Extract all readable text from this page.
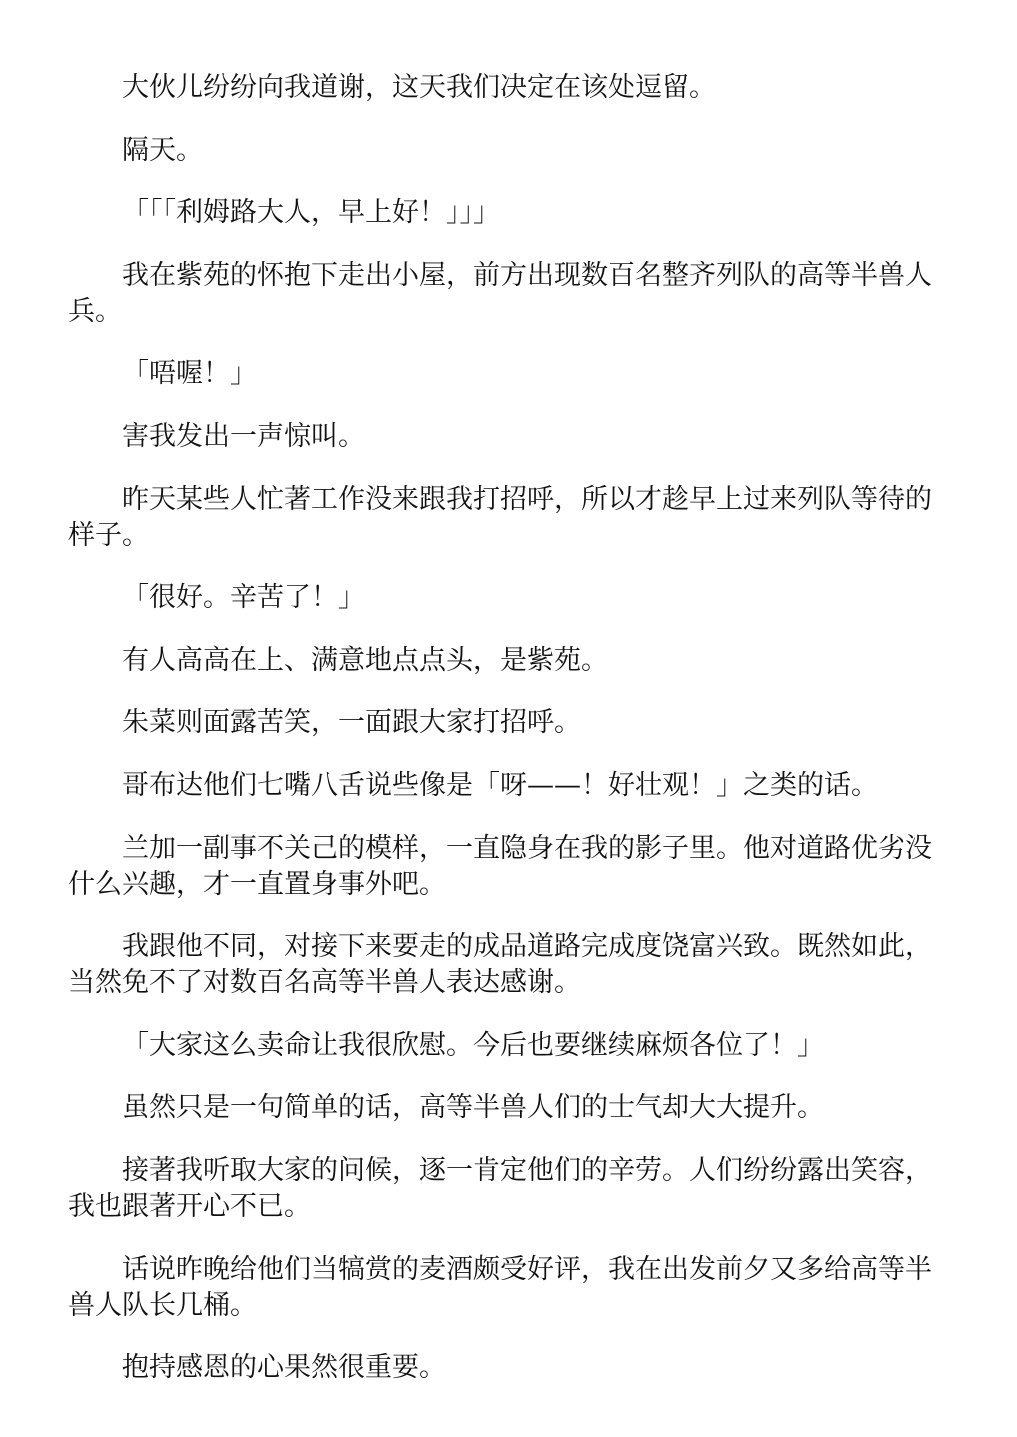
大伙儿纷纷向我道谢，这天我们决定在该处逗留。

隔天。

「「「利姆路大人，早上好！」」」

我在紫苑的怀抱下走出小屋，前方出现数百名整齐列队的高等半兽人兵。

「唔喔！」

害我发出一声惊叫。

昨天某些人忙著工作没来跟我打招呼，所以才趁早上过来列队等待的样子。

「很好。辛苦了！」

有人高高在上、满意地点点头，是紫苑。

朱菜则面露苦笑，一面跟大家打招呼。

哥布达他们七嘴八舌说些像是「呀——！好壮观！」之类的话。

兰加一副事不关己的模样，一直隐身在我的影子里。他对道路优劣没什么兴趣，才一直置身事外吧。

我跟他不同，对接下来要走的成品道路完成度饶富兴致。既然如此，当然免不了对数百名高等半兽人表达感谢。

「大家这么卖命让我很欣慰。今后也要继续麻烦各位了！」

虽然只是一句简单的话，高等半兽人们的士气却大大提升。

接著我听取大家的问候，逐一肯定他们的辛劳。人们纷纷露出笑容，我也跟著开心不已。

话说昨晚给他们当犒赏的麦酒颇受好评，我在出发前夕又多给高等半兽人队长几桶。

抱持感恩的心果然很重要。
